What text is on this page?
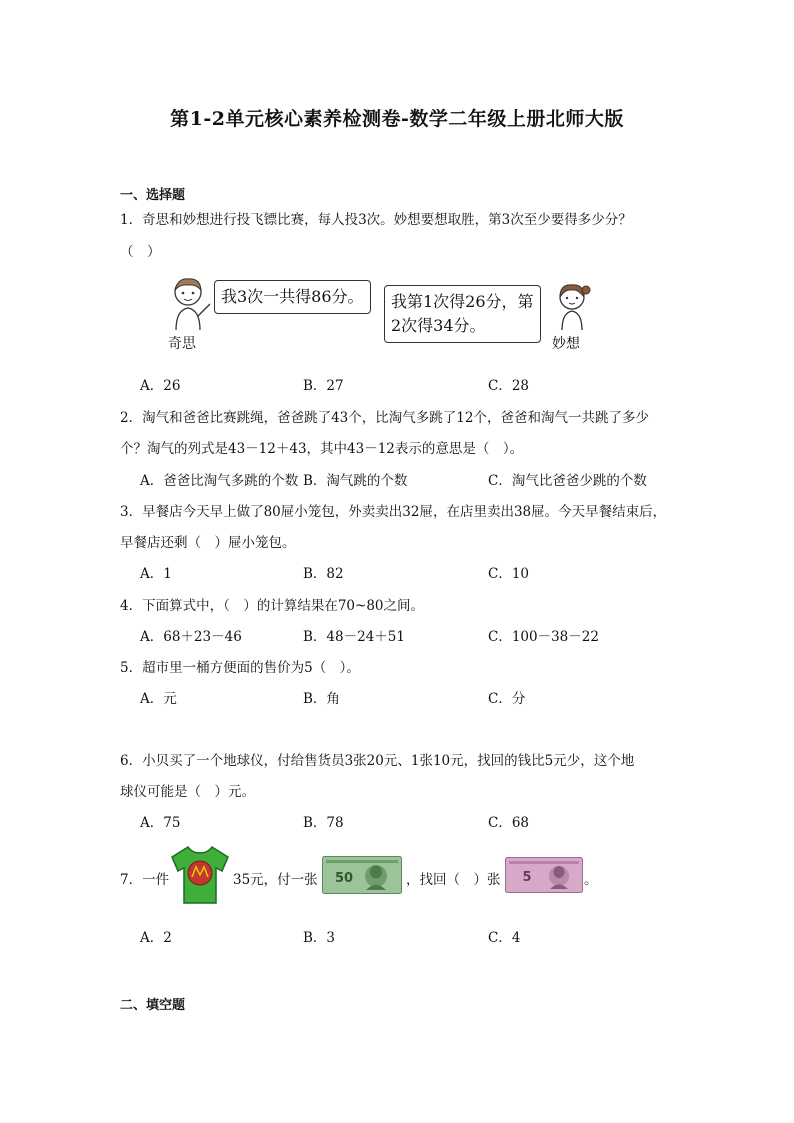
第1-2单元核心素养检测卷-数学二年级上册北师大版
一、选择题
1．奇思和妙想进行投飞镖比赛，每人投3次。妙想要想取胜，第3次至少要得多少分？
（　）
我3次一共得86分。
奇思
我第1次得26分，第
2次得34分。
妙想
A．26	B．27	C．28
2．淘气和爸爸比赛跳绳，爸爸跳了43个，比淘气多跳了12个，爸爸和淘气一共跳了多少
个？淘气的列式是43－12＋43，其中43－12表示的意思是（　）。
A．爸爸比淘气多跳的个数 B．淘气跳的个数	C．淘气比爸爸少跳的个数
3．早餐店今天早上做了80屉小笼包，外卖卖出32屉，在店里卖出38屉。今天早餐结束后，
早餐店还剩（　）屉小笼包。
A．1	B．82	C．10
4．下面算式中，（　）的计算结果在70~80之间。
A．68＋23－46	B．48－24＋51	C．100－38－22
5．超市里一桶方便面的售价为5（　）。
A．元	B．角	C．分
6．小贝买了一个地球仪，付给售货员3张20元、1张10元，找回的钱比5元少，这个地
球仪可能是（　）元。
A．75	B．78	C．68
7．一件	35元，付一张 50	，找回（　）张 5	。
A．2	B．3	C．4
二、填空题
